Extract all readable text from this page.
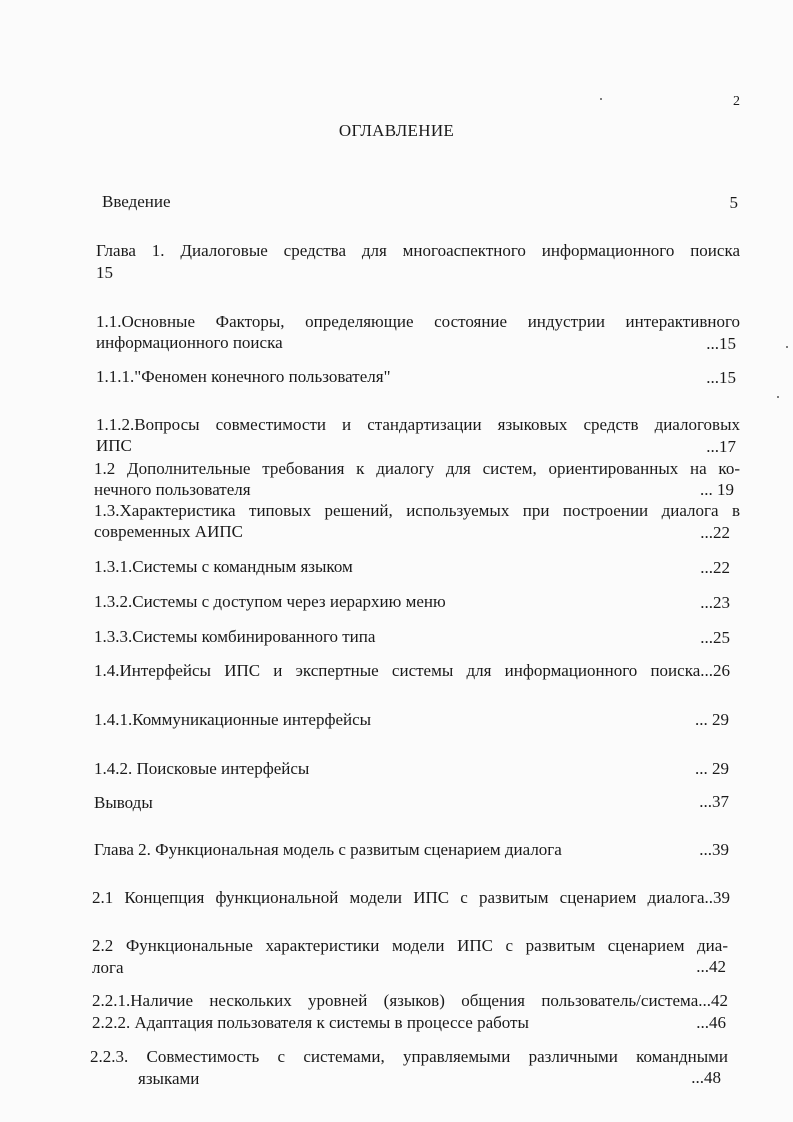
2
ОГЛАВЛЕНИЕ
Введение	5
Глава 1. Диалоговые средства для многоаспектного информационного поиска
15
1.1.Основные Факторы, определяющие состояние индустрии интерактивного
информационного поиска	...15
1.1.1."Феномен конечного пользователя"	...15
1.1.2.Вопросы совместимости и стандартизации языковых средств диалоговых
ИПС	...17
1.2 Дополнительные требования к диалогу для систем, ориентированных на ко-
нечного пользователя	... 19
1.3.Характеристика типовых решений, используемых при построении диалога в
современных АИПС	...22
1.3.1.Системы с командным языком	...22
1.3.2.Системы с доступом через иерархию меню	...23
1.3.3.Системы комбинированного типа	...25
1.4.Интерфейсы ИПС и экспертные системы для информационного поиска...26
1.4.1.Коммуникационные интерфейсы	... 29
1.4.2. Поисковые интерфейсы	... 29
Выводы	...37
Глава 2. Функциональная модель с развитым сценарием диалога	...39
2.1 Концепция функциональной модели ИПС с развитым сценарием диалога..39
2.2 Функциональные характеристики модели ИПС с развитым сценарием диа-
лога	...42
2.2.1.Наличие нескольких уровней (языков) общения пользователь/система...42
2.2.2. Адаптация пользователя к системы в процессе работы	...46
2.2.3. Совместимость с системами, управляемыми различными командными
языками	...48
